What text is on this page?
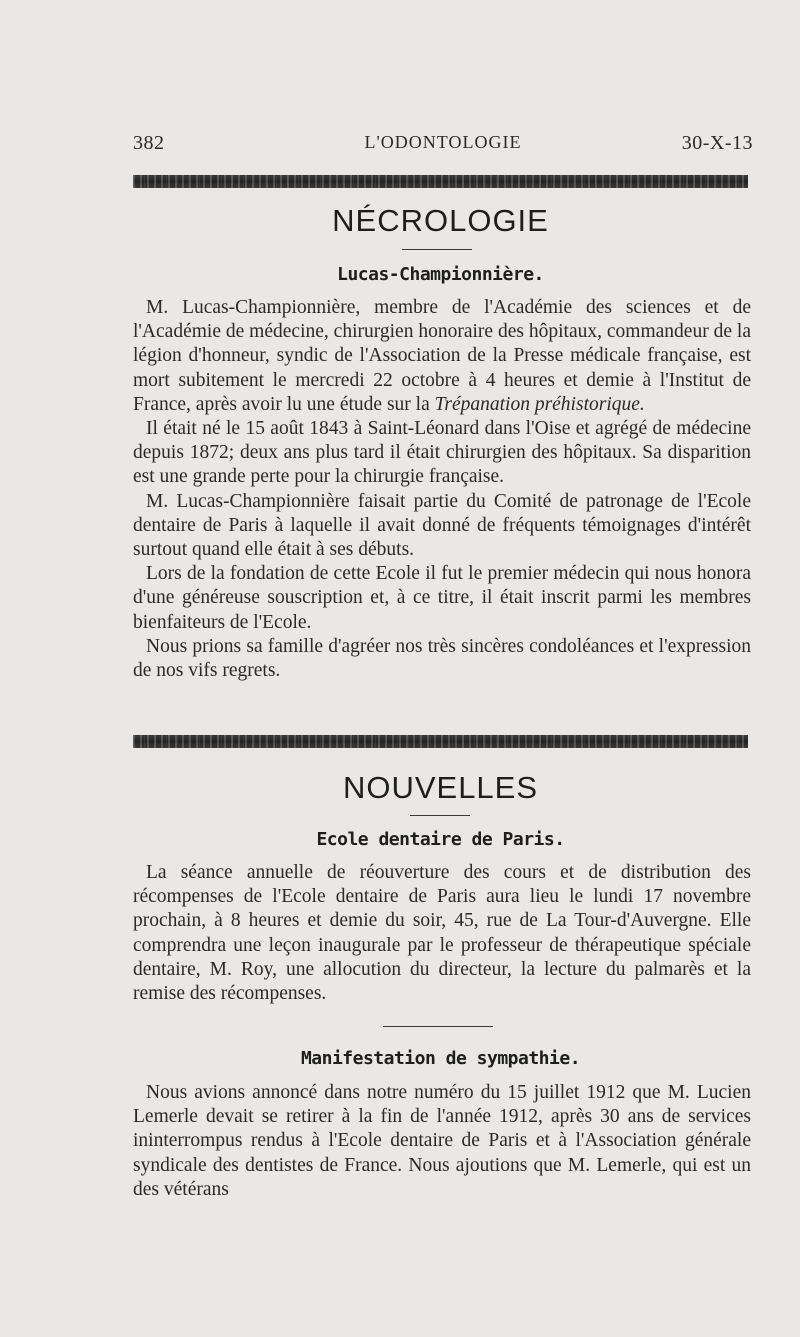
382	L'ODONTOLOGIE	30-X-13
NÉCROLOGIE
Lucas-Championnière.

M. Lucas-Championnière, membre de l'Académie des sciences et de l'Académie de médecine, chirurgien honoraire des hôpitaux, commandeur de la légion d'honneur, syndic de l'Association de la Presse médicale française, est mort subitement le mercredi 22 octobre à 4 heures et demie à l'Institut de France, après avoir lu une étude sur la Trépanation préhistorique.

Il était né le 15 août 1843 à Saint-Léonard dans l'Oise et agrégé de médecine depuis 1872; deux ans plus tard il était chirurgien des hôpitaux. Sa disparition est une grande perte pour la chirurgie française.

M. Lucas-Championnière faisait partie du Comité de patronage de l'Ecole dentaire de Paris à laquelle il avait donné de fréquents témoignages d'intérêt surtout quand elle était à ses débuts.

Lors de la fondation de cette Ecole il fut le premier médecin qui nous honora d'une généreuse souscription et, à ce titre, il était inscrit parmi les membres bienfaiteurs de l'Ecole.

Nous prions sa famille d'agréer nos très sincères condoléances et l'expression de nos vifs regrets.

NOUVELLES
Ecole dentaire de Paris.

La séance annuelle de réouverture des cours et de distribution des récompenses de l'Ecole dentaire de Paris aura lieu le lundi 17 novembre prochain, à 8 heures et demie du soir, 45, rue de La Tour-d'Auvergne. Elle comprendra une leçon inaugurale par le professeur de thérapeutique spéciale dentaire, M. Roy, une allocution du directeur, la lecture du palmarès et la remise des récompenses.

Manifestation de sympathie.

Nous avions annoncé dans notre numéro du 15 juillet 1912 que M. Lucien Lemerle devait se retirer à la fin de l'année 1912, après 30 ans de services ininterrompus rendus à l'Ecole dentaire de Paris et à l'Association générale syndicale des dentistes de France. Nous ajoutions que M. Lemerle, qui est un des vétérans
